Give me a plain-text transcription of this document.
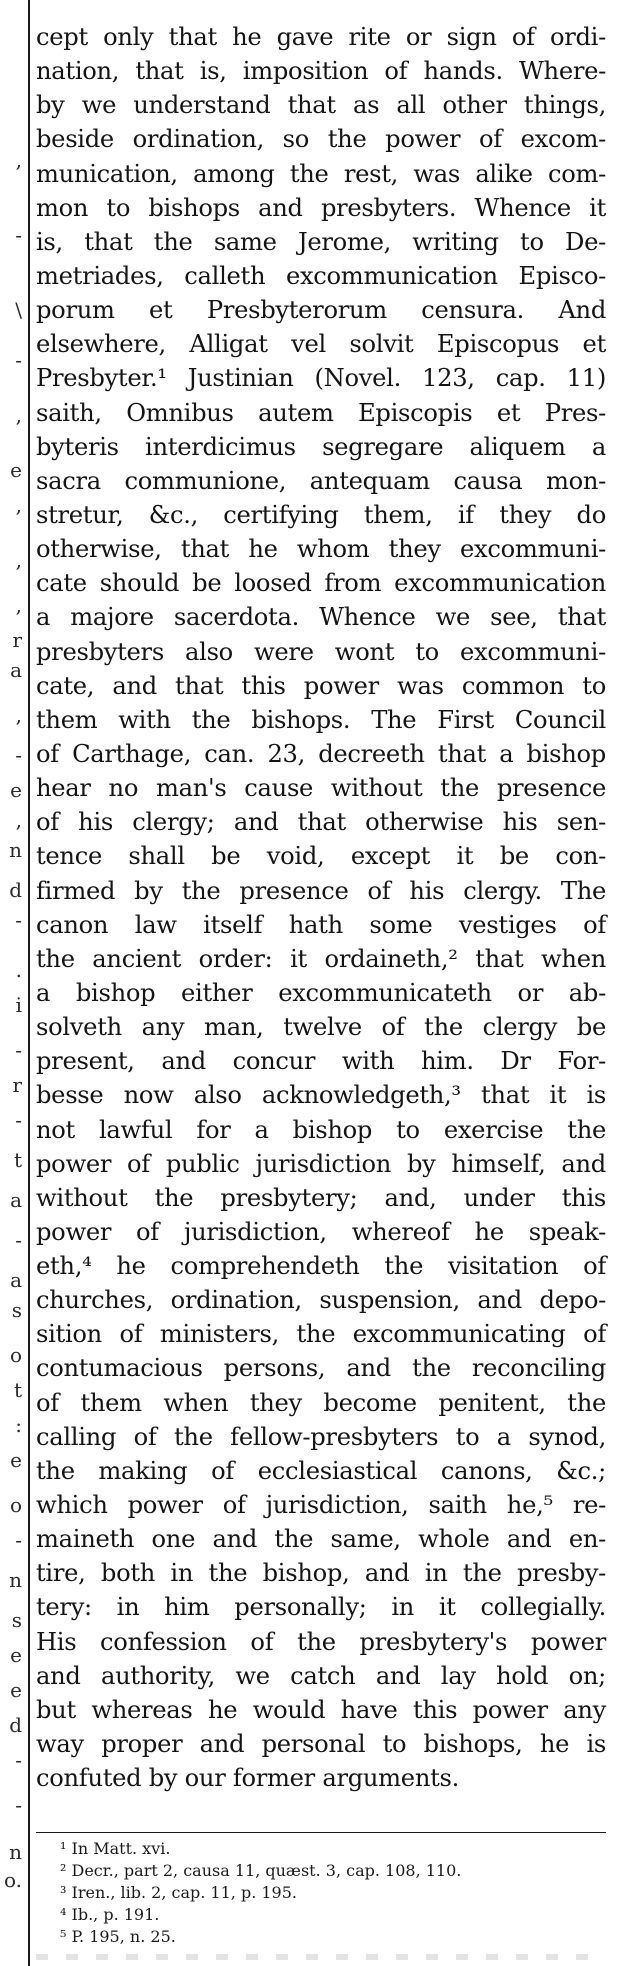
,
-
\
-
,
e
,
,
,
r
a
,
-
e
,
n
d
-
.
i
-
r
-
t
a
-
a
s
o
t
:
e
o
-
n
s
e
e
d
-
-
n
o.
cept only that he gave rite or sign of ordi-
nation, that is, imposition of hands. Where-
by we understand that as all other things,
beside ordination, so the power of excom-
munication, among the rest, was alike com-
mon to bishops and presbyters. Whence it
is, that the same Jerome, writing to De-
metriades, calleth excommunication Episco-
porum et Presbyterorum censura. And
elsewhere, Alligat vel solvit Episcopus et
Presbyter.¹ Justinian (Novel. 123, cap. 11)
saith, Omnibus autem Episcopis et Pres-
byteris interdicimus segregare aliquem a
sacra communione, antequam causa mon-
stretur, &c., certifying them, if they do
otherwise, that he whom they excommuni-
cate should be loosed from excommunication
a majore sacerdota. Whence we see, that
presbyters also were wont to excommuni-
cate, and that this power was common to
them with the bishops. The First Council
of Carthage, can. 23, decreeth that a bishop
hear no man's cause without the presence
of his clergy; and that otherwise his sen-
tence shall be void, except it be con-
firmed by the presence of his clergy. The
canon law itself hath some vestiges of
the ancient order: it ordaineth,² that when
a bishop either excommunicateth or ab-
solveth any man, twelve of the clergy be
present, and concur with him. Dr For-
besse now also acknowledgeth,³ that it is
not lawful for a bishop to exercise the
power of public jurisdiction by himself, and
without the presbytery; and, under this
power of jurisdiction, whereof he speak-
eth,⁴ he comprehendeth the visitation of
churches, ordination, suspension, and depo-
sition of ministers, the excommunicating of
contumacious persons, and the reconciling
of them when they become penitent, the
calling of the fellow-presbyters to a synod,
the making of ecclesiastical canons, &c.;
which power of jurisdiction, saith he,⁵ re-
maineth one and the same, whole and en-
tire, both in the bishop, and in the presby-
tery: in him personally; in it collegially.
His confession of the presbytery's power
and authority, we catch and lay hold on;
but whereas he would have this power any
way proper and personal to bishops, he is
confuted by our former arguments.
¹ In Matt. xvi.
² Decr., part 2, causa 11, quæst. 3, cap. 108, 110.
³ Iren., lib. 2, cap. 11, p. 195.
⁴ Ib., p. 191.
⁵ P. 195, n. 25.
